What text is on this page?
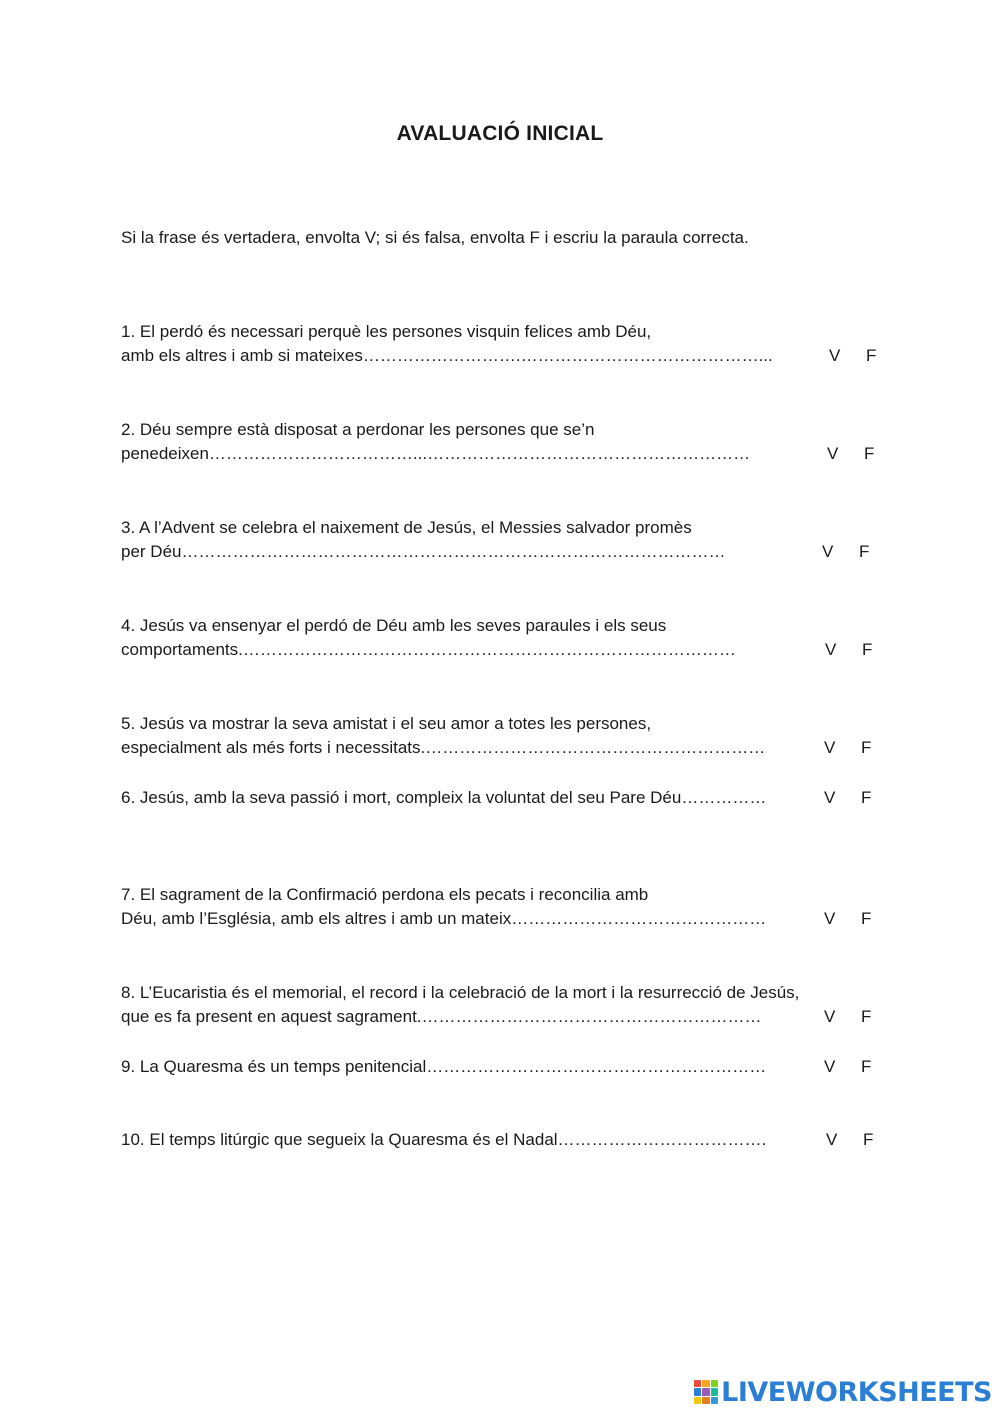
AVALUACIÓ INICIAL
Si la frase és vertadera, envolta V; si és falsa, envolta F i escriu la paraula correcta.
1. El perdó és necessari perquè les persones visquin felices amb Déu,
amb els altres i amb si mateixes……………………….……………………………………...	V F
2. Déu sempre està disposat a perdonar les persones que se’n
penedeixen………………………………...…………………………………………………	V F
3. A l’Advent se celebra el naixement de Jesús, el Messies salvador promès
per Déu……………………………………………………………………………………	V F
4. Jesús va ensenyar el perdó de Déu amb les seves paraules i els seus
comportaments.……………………………………………………………………………	V F
5. Jesús va mostrar la seva amistat i el seu amor a totes les persones,
especialment als més forts i necessitats.……………………………………………………	V F
6. Jesús, amb la seva passió i mort, compleix la voluntat del seu Pare Déu……………	V F
7. El sagrament de la Confirmació perdona els pecats i reconcilia amb
Déu, amb l’Església, amb els altres i amb un mateix………………………………………	V F
8. L’Eucaristia és el memorial, el record i la celebració de la mort i la resurrecció de Jesús,
que es fa present en aquest sagrament.……………………………………………………	V F
9. La Quaresma és un temps penitencial……………………………………………………	V F
10. El temps litúrgic que segueix la Quaresma és el Nadal……………………………….	V F
LIVEWORKSHEETS
